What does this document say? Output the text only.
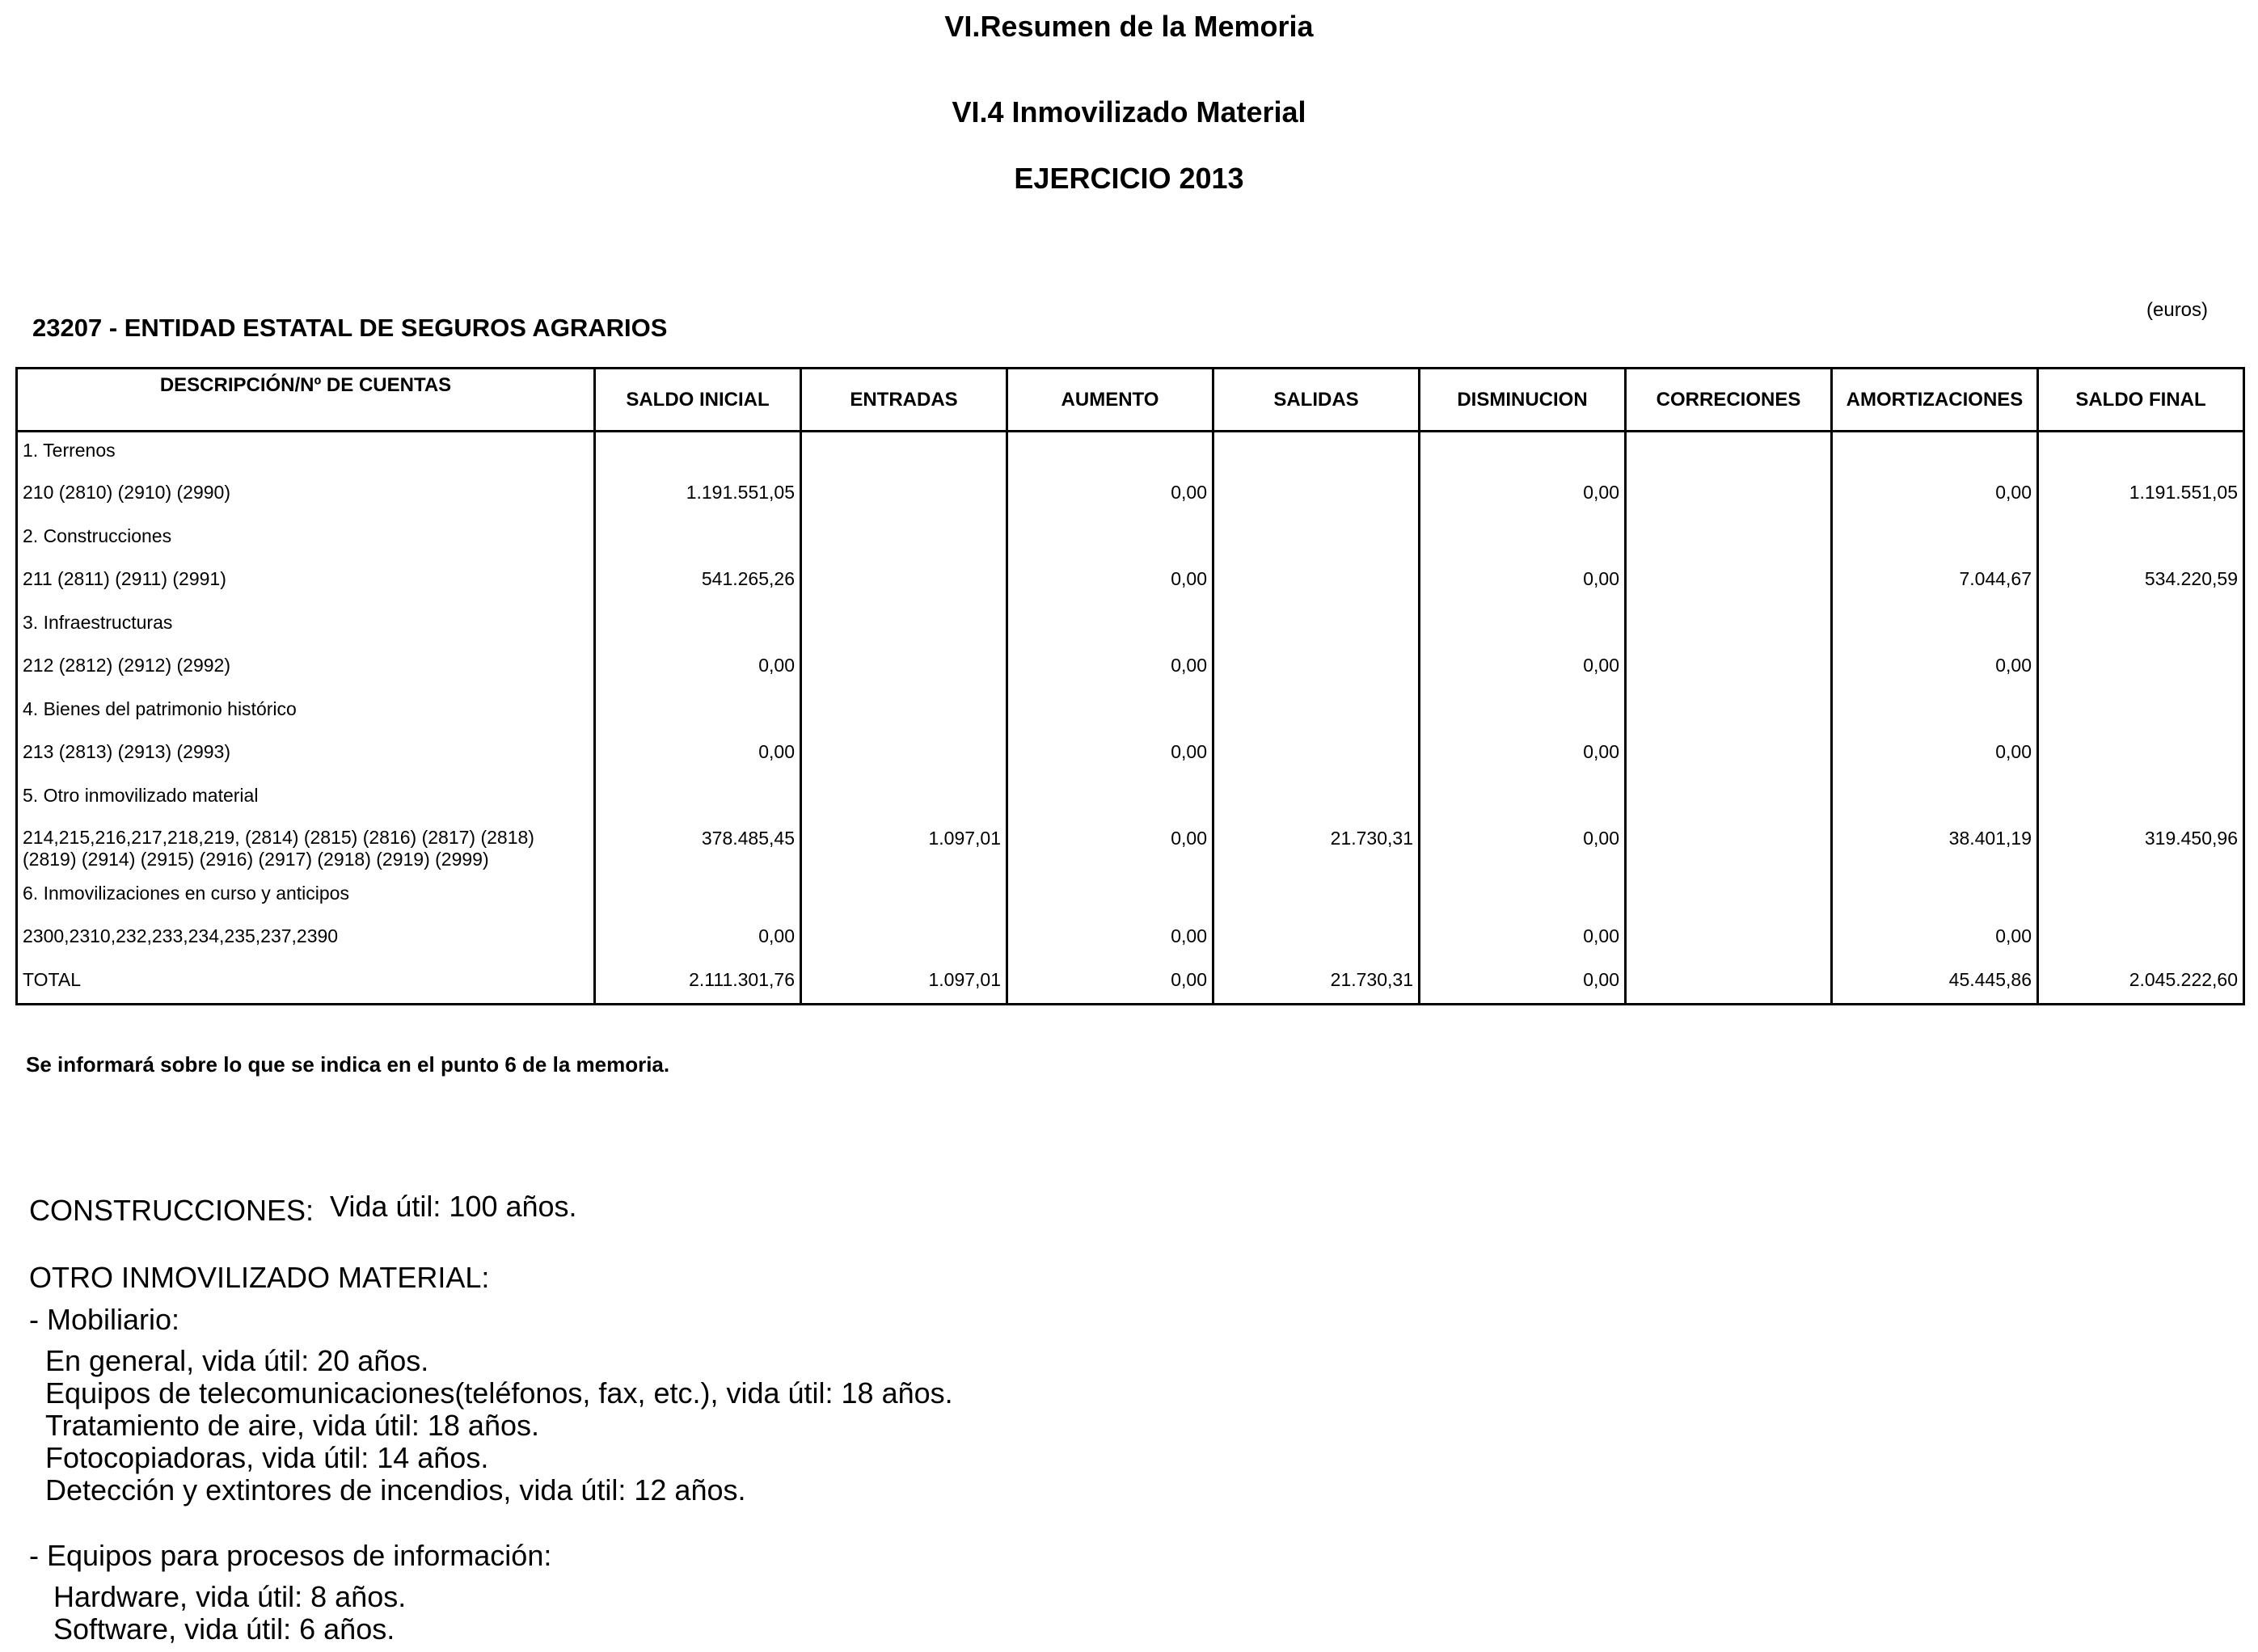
VI.Resumen de la Memoria
VI.4 Inmovilizado Material
EJERCICIO 2013
23207 - ENTIDAD ESTATAL DE SEGUROS AGRARIOS
(euros)
DESCRIPCIÓN/Nº DE CUENTAS	SALDO INICIAL	ENTRADAS	AUMENTO	SALIDAS	DISMINUCION	CORRECIONES	AMORTIZACIONES	SALDO FINAL
1. Terrenos								
210 (2810) (2910) (2990)	1.191.551,05		0,00		0,00		0,00	1.191.551,05
2. Construcciones								
211 (2811) (2911) (2991)	541.265,26		0,00		0,00		7.044,67	534.220,59
3. Infraestructuras								
212 (2812) (2912) (2992)	0,00		0,00		0,00		0,00	
4. Bienes del patrimonio histórico								
213 (2813) (2913) (2993)	0,00		0,00		0,00		0,00	
5. Otro inmovilizado material								
214,215,216,217,218,219, (2814) (2815) (2816) (2817) (2818) (2819) (2914) (2915) (2916) (2917) (2918) (2919) (2999)	378.485,45	1.097,01	0,00	21.730,31	0,00		38.401,19	319.450,96
6. Inmovilizaciones en curso y anticipos								
2300,2310,232,233,234,235,237,2390	0,00		0,00		0,00		0,00	
TOTAL	2.111.301,76	1.097,01	0,00	21.730,31	0,00		45.445,86	2.045.222,60
Se informará sobre lo que se indica en el punto 6 de la memoria.
CONSTRUCCIONES: Vida útil: 100 años.
OTRO INMOVILIZADO MATERIAL:
- Mobiliario:
En general, vida útil: 20 años.
Equipos de telecomunicaciones(teléfonos, fax, etc.), vida útil: 18 años.
Tratamiento de aire, vida útil: 18 años.
Fotocopiadoras, vida útil: 14 años.
Detección y extintores de incendios, vida útil: 12 años.
- Equipos para procesos de información:
Hardware, vida útil: 8 años.
Software, vida útil: 6 años.
